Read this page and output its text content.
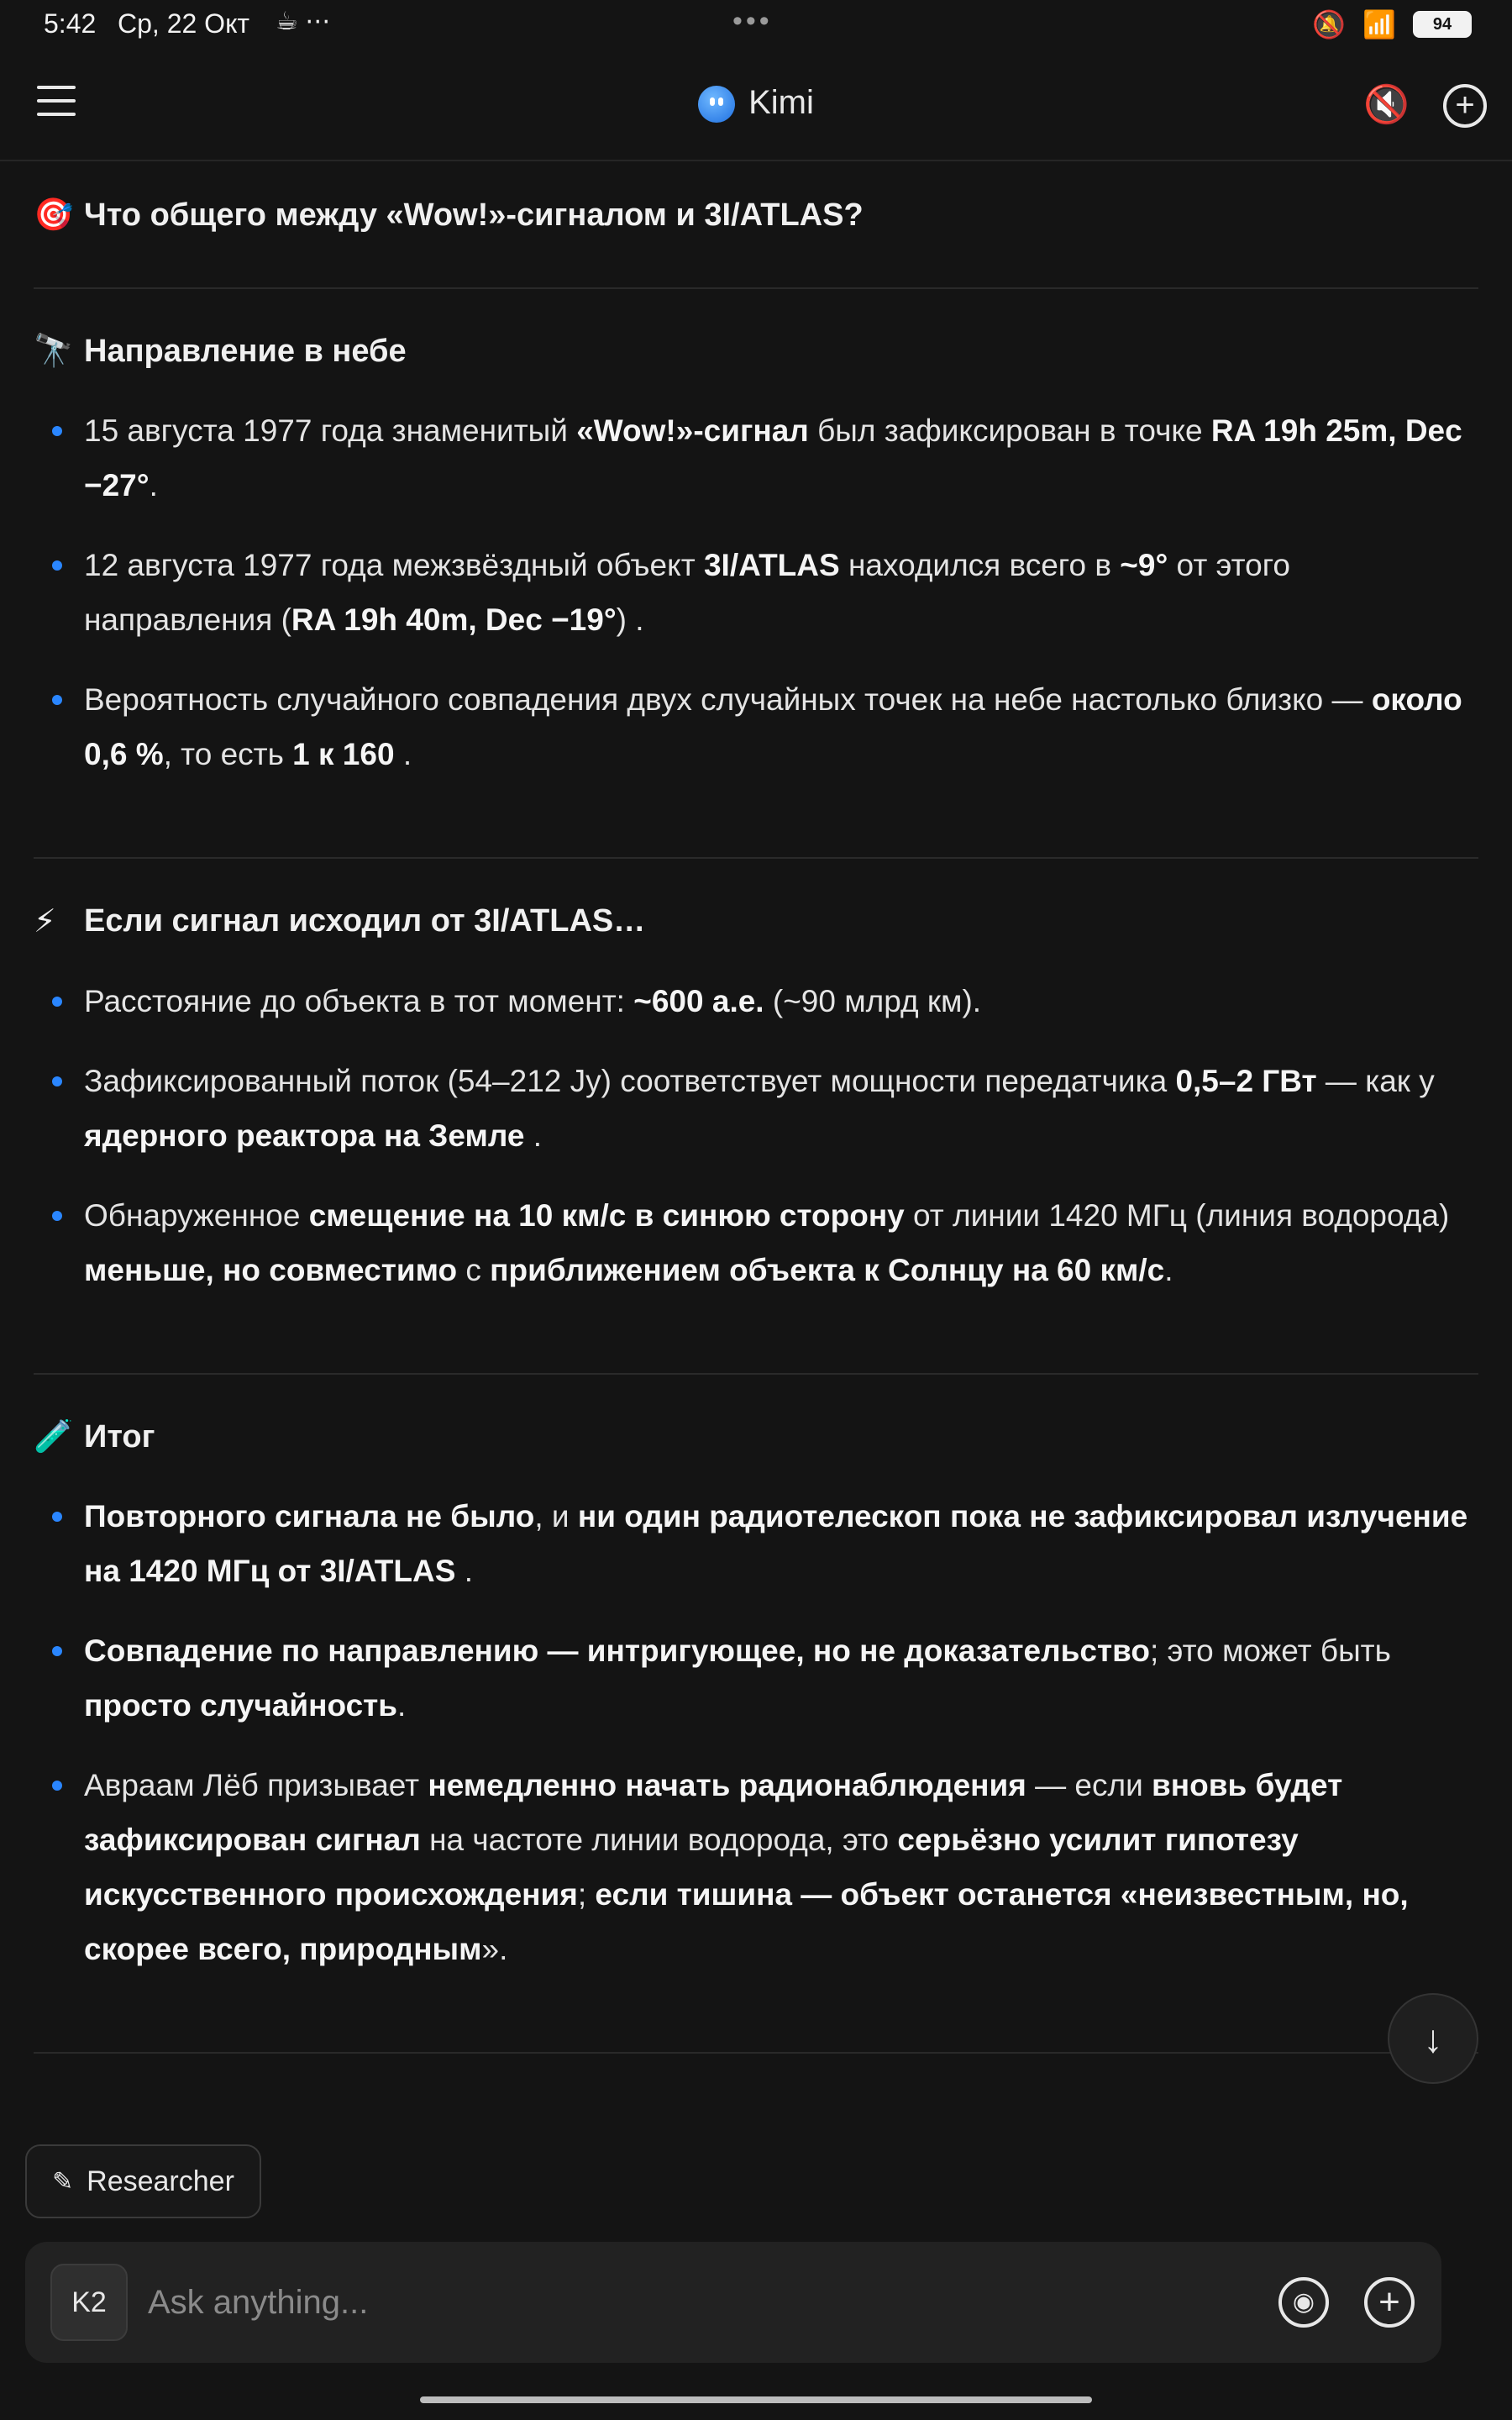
5:42 Ср, 22 Окт ☕ ⋯	•••	🔕 📶	94
Kimi	🔇	+
🎯 Что общего между «Wow!»-сигналом и 3I/ATLAS?
🔭 Направление в небе
15 августа 1977 года знаменитый «Wow!»-сигнал был зафиксирован в точке RA 19h 25m, Dec −27°.
12 августа 1977 года межзвёздный объект 3I/ATLAS находился всего в ~9° от этого направления (RA 19h 40m, Dec −19°) .
Вероятность случайного совпадения двух случайных точек на небе настолько близко — около 0,6 %, то есть 1 к 160 .
⚡ Если сигнал исходил от 3I/ATLAS…
Расстояние до объекта в тот момент: ~600 а.е. (~90 млрд км).
Зафиксированный поток (54–212 Jy) соответствует мощности передатчика 0,5–2 ГВт — как у ядерного реактора на Земле .
Обнаруженное смещение на 10 км/с в синюю сторону от линии 1420 МГц (линия водорода) меньше, но совместимо с приближением объекта к Солнцу на 60 км/с.
🧪 Итог
Повторного сигнала не было, и ни один радиотелескоп пока не зафиксировал излучение на 1420 МГц от 3I/ATLAS .
Совпадение по направлению — интригующее, но не доказательство; это может быть просто случайность.
Авраам Лёб призывает немедленно начать радионаблюдения — если вновь будет зафиксирован сигнал на частоте линии водорода, это серьёзно усилит гипотезу искусственного происхождения; если тишина — объект останется «неизвестным, но, скорее всего, природным».
↓
✎ Researcher
K2
Ask anything...	◉	+
